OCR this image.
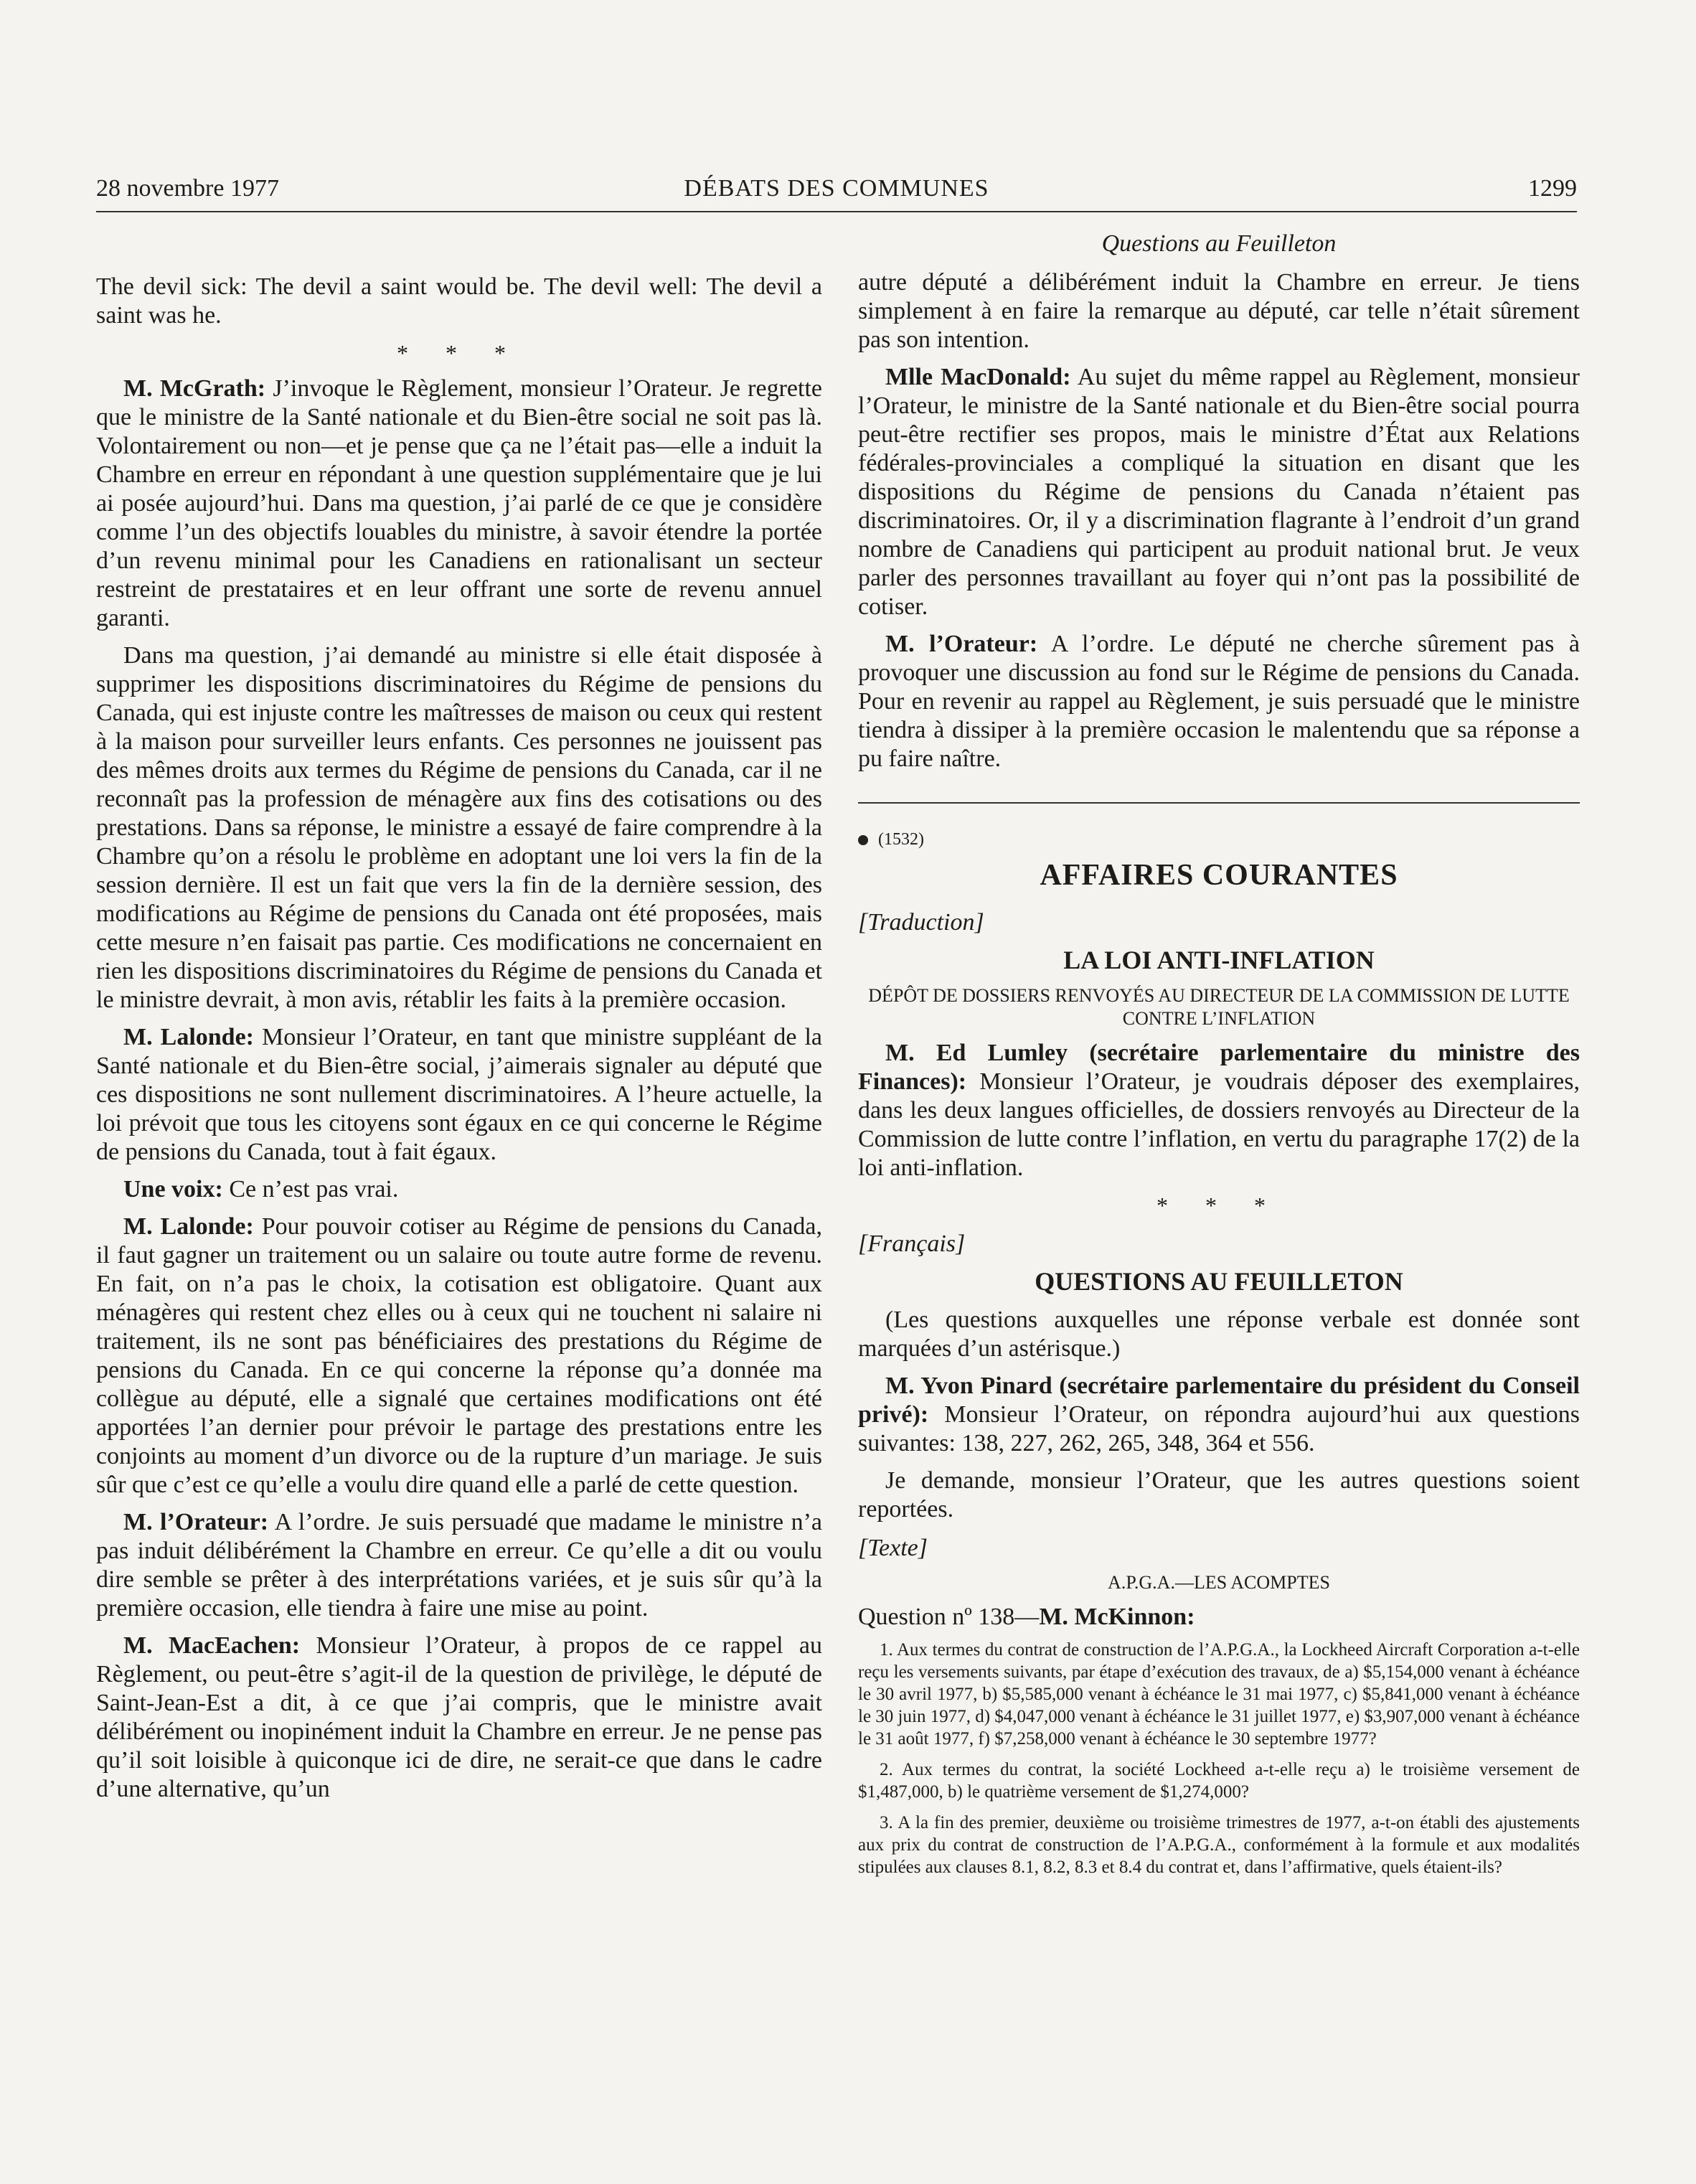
28 novembre 1977	DÉBATS DES COMMUNES	1299

The devil sick: The devil a saint would be. The devil well: The devil a saint was he.

* * *

M. McGrath: J’invoque le Règlement, monsieur l’Orateur. Je regrette que le ministre de la Santé nationale et du Bien-être social ne soit pas là. Volontairement ou non—et je pense que ça ne l’était pas—elle a induit la Chambre en erreur en répondant à une question supplémentaire que je lui ai posée aujourd’hui. Dans ma question, j’ai parlé de ce que je considère comme l’un des objectifs louables du ministre, à savoir étendre la portée d’un revenu minimal pour les Canadiens en rationalisant un secteur restreint de prestataires et en leur offrant une sorte de revenu annuel garanti.

Dans ma question, j’ai demandé au ministre si elle était disposée à supprimer les dispositions discriminatoires du Régime de pensions du Canada, qui est injuste contre les maîtresses de maison ou ceux qui restent à la maison pour surveiller leurs enfants. Ces personnes ne jouissent pas des mêmes droits aux termes du Régime de pensions du Canada, car il ne reconnaît pas la profession de ménagère aux fins des cotisations ou des prestations. Dans sa réponse, le ministre a essayé de faire comprendre à la Chambre qu’on a résolu le problème en adoptant une loi vers la fin de la session dernière. Il est un fait que vers la fin de la dernière session, des modifications au Régime de pensions du Canada ont été proposées, mais cette mesure n’en faisait pas partie. Ces modifications ne concernaient en rien les dispositions discriminatoires du Régime de pensions du Canada et le ministre devrait, à mon avis, rétablir les faits à la première occasion.

M. Lalonde: Monsieur l’Orateur, en tant que ministre suppléant de la Santé nationale et du Bien-être social, j’aimerais signaler au député que ces dispositions ne sont nullement discriminatoires. A l’heure actuelle, la loi prévoit que tous les citoyens sont égaux en ce qui concerne le Régime de pensions du Canada, tout à fait égaux.

Une voix: Ce n’est pas vrai.

M. Lalonde: Pour pouvoir cotiser au Régime de pensions du Canada, il faut gagner un traitement ou un salaire ou toute autre forme de revenu. En fait, on n’a pas le choix, la cotisation est obligatoire. Quant aux ménagères qui restent chez elles ou à ceux qui ne touchent ni salaire ni traitement, ils ne sont pas bénéficiaires des prestations du Régime de pensions du Canada. En ce qui concerne la réponse qu’a donnée ma collègue au député, elle a signalé que certaines modifications ont été apportées l’an dernier pour prévoir le partage des prestations entre les conjoints au moment d’un divorce ou de la rupture d’un mariage. Je suis sûr que c’est ce qu’elle a voulu dire quand elle a parlé de cette question.

M. l’Orateur: A l’ordre. Je suis persuadé que madame le ministre n’a pas induit délibérément la Chambre en erreur. Ce qu’elle a dit ou voulu dire semble se prêter à des interprétations variées, et je suis sûr qu’à la première occasion, elle tiendra à faire une mise au point.

M. MacEachen: Monsieur l’Orateur, à propos de ce rappel au Règlement, ou peut-être s’agit-il de la question de privilège, le député de Saint-Jean-Est a dit, à ce que j’ai compris, que le ministre avait délibérément ou inopinément induit la Chambre en erreur. Je ne pense pas qu’il soit loisible à quiconque ici de dire, ne serait-ce que dans le cadre d’une alternative, qu’un

Questions au Feuilleton

autre député a délibérément induit la Chambre en erreur. Je tiens simplement à en faire la remarque au député, car telle n’était sûrement pas son intention.

Mlle MacDonald: Au sujet du même rappel au Règlement, monsieur l’Orateur, le ministre de la Santé nationale et du Bien-être social pourra peut-être rectifier ses propos, mais le ministre d’État aux Relations fédérales-provinciales a compliqué la situation en disant que les dispositions du Régime de pensions du Canada n’étaient pas discriminatoires. Or, il y a discrimination flagrante à l’endroit d’un grand nombre de Canadiens qui participent au produit national brut. Je veux parler des personnes travaillant au foyer qui n’ont pas la possibilité de cotiser.

M. l’Orateur: A l’ordre. Le député ne cherche sûrement pas à provoquer une discussion au fond sur le Régime de pensions du Canada. Pour en revenir au rappel au Règlement, je suis persuadé que le ministre tiendra à dissiper à la première occasion le malentendu que sa réponse a pu faire naître.

(1532)
AFFAIRES COURANTES
[Traduction]
LA LOI ANTI-INFLATION
DÉPÔT DE DOSSIERS RENVOYÉS AU DIRECTEUR DE LA COMMISSION DE LUTTE CONTRE L’INFLATION

M. Ed Lumley (secrétaire parlementaire du ministre des Finances): Monsieur l’Orateur, je voudrais déposer des exemplaires, dans les deux langues officielles, de dossiers renvoyés au Directeur de la Commission de lutte contre l’inflation, en vertu du paragraphe 17(2) de la loi anti-inflation.

* * *
[Français]
QUESTIONS AU FEUILLETON

(Les questions auxquelles une réponse verbale est donnée sont marquées d’un astérisque.)

M. Yvon Pinard (secrétaire parlementaire du président du Conseil privé): Monsieur l’Orateur, on répondra aujourd’hui aux questions suivantes: 138, 227, 262, 265, 348, 364 et 556.

Je demande, monsieur l’Orateur, que les autres questions soient reportées.

[Texte]
A.P.G.A.—LES ACOMPTES
Question nº 138—M. McKinnon:

1. Aux termes du contrat de construction de l’A.P.G.A., la Lockheed Aircraft Corporation a-t-elle reçu les versements suivants, par étape d’exécution des travaux, de a) $5,154,000 venant à échéance le 30 avril 1977, b) $5,585,000 venant à échéance le 31 mai 1977, c) $5,841,000 venant à échéance le 30 juin 1977, d) $4,047,000 venant à échéance le 31 juillet 1977, e) $3,907,000 venant à échéance le 31 août 1977, f) $7,258,000 venant à échéance le 30 septembre 1977?

2. Aux termes du contrat, la société Lockheed a-t-elle reçu a) le troisième versement de $1,487,000, b) le quatrième versement de $1,274,000?

3. A la fin des premier, deuxième ou troisième trimestres de 1977, a-t-on établi des ajustements aux prix du contrat de construction de l’A.P.G.A., conformément à la formule et aux modalités stipulées aux clauses 8.1, 8.2, 8.3 et 8.4 du contrat et, dans l’affirmative, quels étaient-ils?
